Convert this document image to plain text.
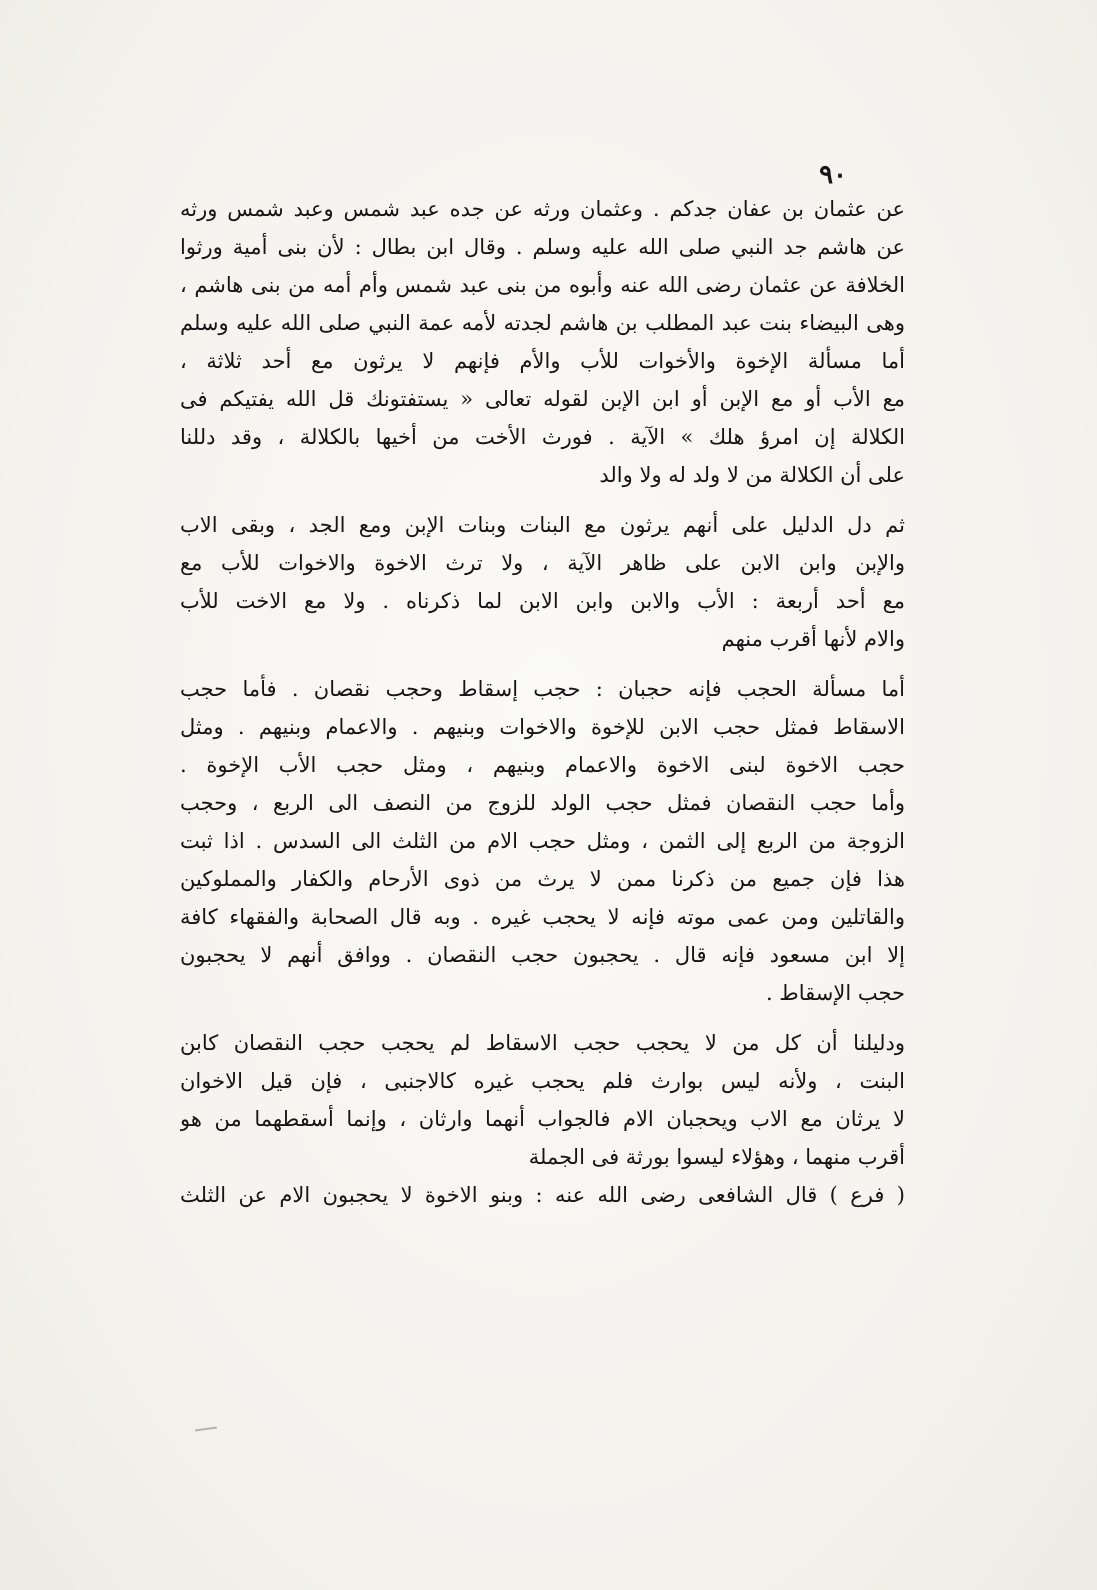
٩٠
عن عثمان بن عفان جدكم . وعثمان ورثه عن جده عبد شمس وعبد شمس ورثه
عن هاشم جد النبي صلى الله عليه وسلم . وقال ابن بطال : لأن بنى أمية ورثوا
الخلافة عن عثمان رضى الله عنه وأبوه من بنى عبد شمس وأم أمه من بنى هاشم ،
وهى البيضاء بنت عبد المطلب بن هاشم لجدته لأمه عمة النبي صلى الله عليه وسلم
أما مسألة الإخوة والأخوات للأب والأم فإنهم لا يرثون مع أحد ثلاثة ،
مع الأب أو مع الإبن أو ابن الإبن لقوله تعالى « يستفتونك قل الله يفتيكم فى
الكلالة إن امرؤ هلك » الآية . فورث الأخت من أخيها بالكلالة ، وقد دللنا
على أن الكلالة من لا ولد له ولا والد
ثم دل الدليل على أنهم يرثون مع البنات وبنات الإبن ومع الجد ، وبقى الاب
والإبن وابن الابن على ظاهر الآية ، ولا ترث الاخوة والاخوات للأب مع
مع أحد أربعة : الأب والابن وابن الابن لما ذكرناه . ولا مع الاخت للأب
والام لأنها أقرب منهم
أما مسألة الحجب فإنه حجبان : حجب إسقاط وحجب نقصان . فأما حجب
الاسقاط فمثل حجب الابن للإخوة والاخوات وبنيهم . والاعمام وبنيهم . ومثل
حجب الاخوة لبنى الاخوة والاعمام وبنيهم ، ومثل حجب الأب الإخوة .
وأما حجب النقصان فمثل حجب الولد للزوج من النصف الى الربع ، وحجب
الزوجة من الربع إلى الثمن ، ومثل حجب الام من الثلث الى السدس . اذا ثبت
هذا فإن جميع من ذكرنا ممن لا يرث من ذوى الأرحام والكفار والمملوكين
والقاتلين ومن عمى موته فإنه لا يحجب غيره . وبه قال الصحابة والفقهاء كافة
إلا ابن مسعود فإنه قال . يحجبون حجب النقصان . ووافق أنهم لا يحجبون
حجب الإسقاط .
ودليلنا أن كل من لا يحجب حجب الاسقاط لم يحجب حجب النقصان كابن
البنت ، ولأنه ليس بوارث فلم يحجب غيره كالاجنبى ، فإن قيل الاخوان
لا يرثان مع الاب ويحجبان الام فالجواب أنهما وارثان ، وإنما أسقطهما من هو
أقرب منهما ، وهؤلاء ليسوا بورثة فى الجملة
( فرع ) قال الشافعى رضى الله عنه : وبنو الاخوة لا يحجبون الام عن الثلث
